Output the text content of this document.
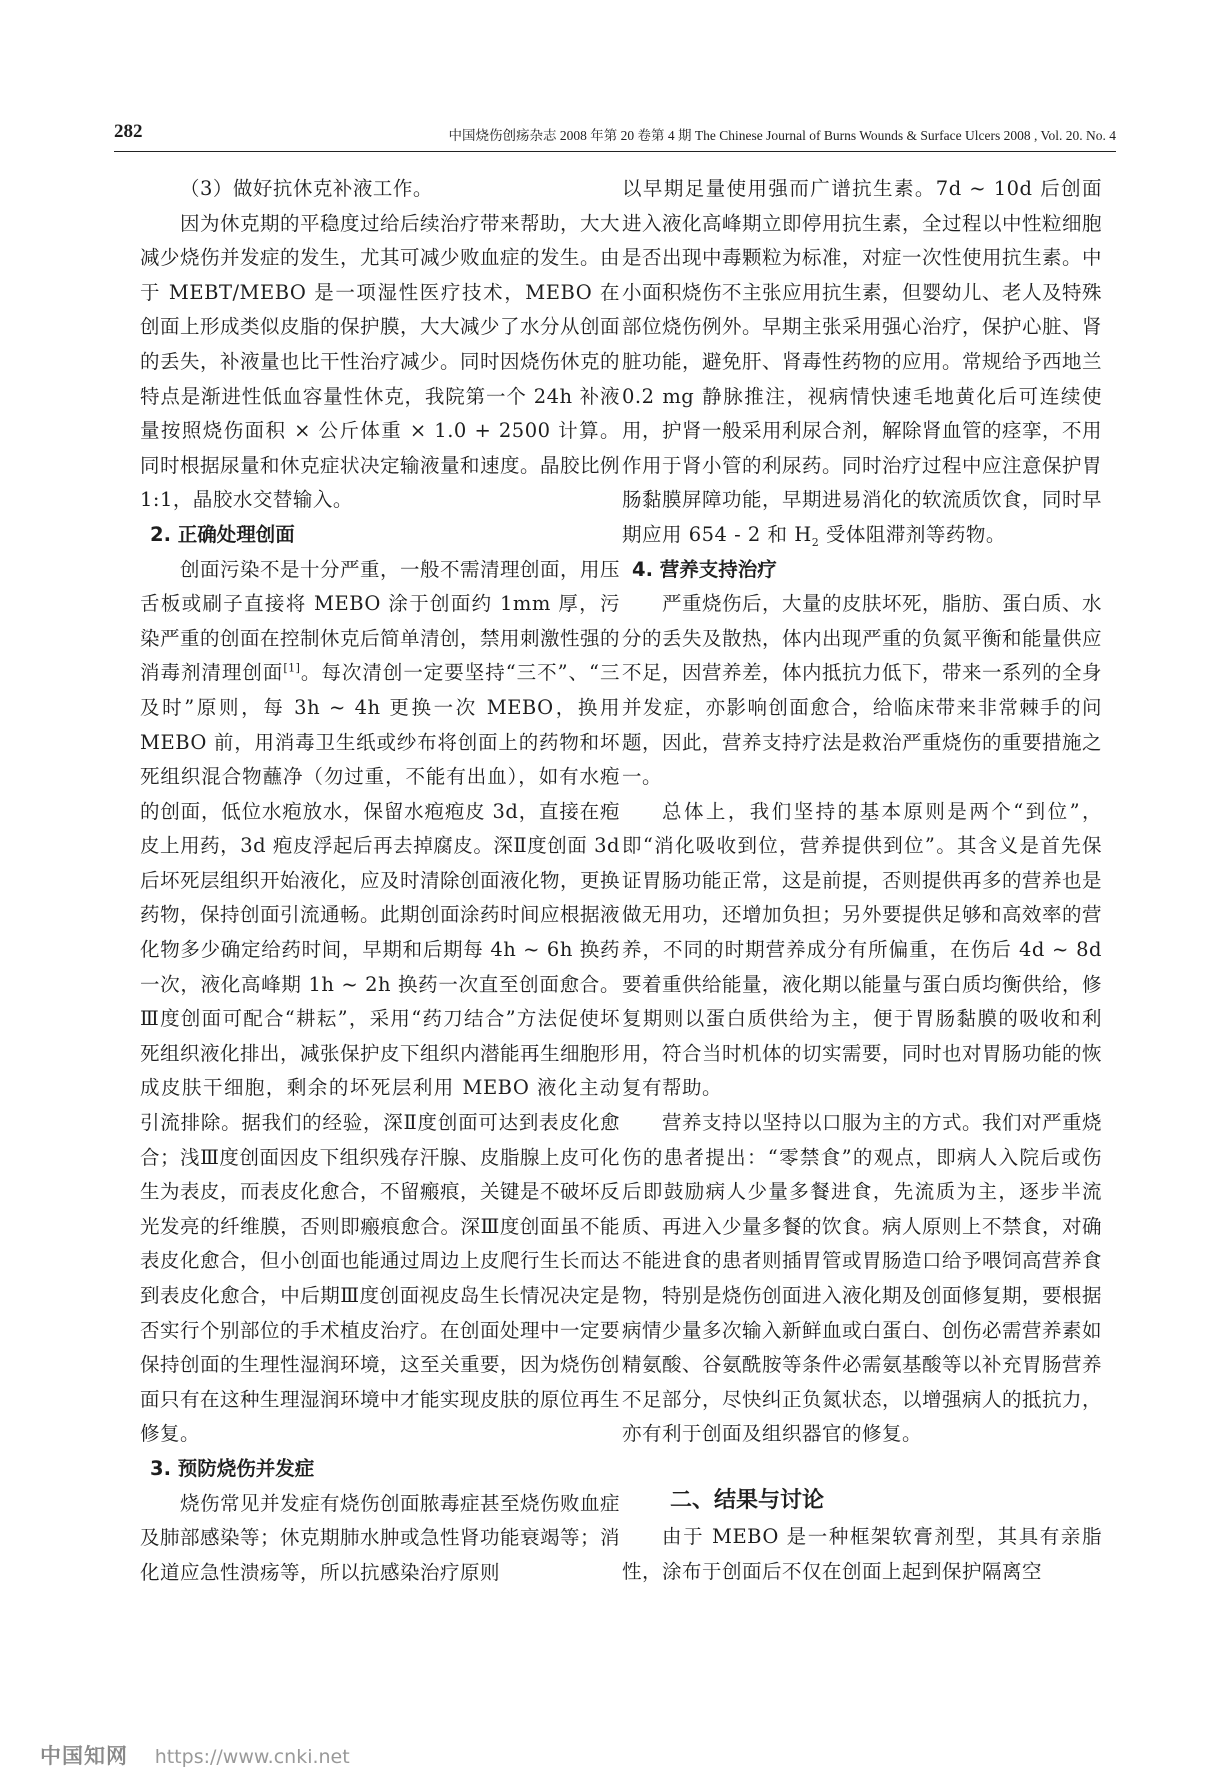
282	中国烧伤创疡杂志 2008 年第 20 卷第 4 期 The Chinese Journal of Burns Wounds & Surface Ulcers 2008 , Vol. 20. No. 4

（3）做好抗休克补液工作。

因为休克期的平稳度过给后续治疗带来帮助，大大减少烧伤并发症的发生，尤其可减少败血症的发生。由于 MEBT/MEBO 是一项湿性医疗技术，MEBO 在创面上形成类似皮脂的保护膜，大大减少了水分从创面的丢失，补液量也比干性治疗减少。同时因烧伤休克的特点是渐进性低血容量性休克，我院第一个 24h 补液量按照烧伤面积 × 公斤体重 × 1.0 + 2500 计算。同时根据尿量和休克症状决定输液量和速度。晶胶比例 1:1，晶胶水交替输入。

2. 正确处理创面

创面污染不是十分严重，一般不需清理创面，用压舌板或刷子直接将 MEBO 涂于创面约 1mm 厚，污染严重的创面在控制休克后简单清创，禁用刺激性强的消毒剂清理创面[1]。每次清创一定要坚持“三不”、“三及时”原则，每 3h ~ 4h 更换一次 MEBO，换用 MEBO 前，用消毒卫生纸或纱布将创面上的药物和坏死组织混合物蘸净（勿过重，不能有出血），如有水疱的创面，低位水疱放水，保留水疱疱皮 3d，直接在疱皮上用药，3d 疱皮浮起后再去掉腐皮。深Ⅱ度创面 3d 后坏死层组织开始液化，应及时清除创面液化物，更换药物，保持创面引流通畅。此期创面涂药时间应根据液化物多少确定给药时间，早期和后期每 4h ~ 6h 换药一次，液化高峰期 1h ~ 2h 换药一次直至创面愈合。Ⅲ度创面可配合“耕耘”，采用“药刀结合”方法促使坏死组织液化排出，减张保护皮下组织内潜能再生细胞形成皮肤干细胞，剩余的坏死层利用 MEBO 液化主动引流排除。据我们的经验，深Ⅱ度创面可达到表皮化愈合；浅Ⅲ度创面因皮下组织残存汗腺、皮脂腺上皮可化生为表皮，而表皮化愈合，不留瘢痕，关键是不破坏反光发亮的纤维膜，否则即瘢痕愈合。深Ⅲ度创面虽不能表皮化愈合，但小创面也能通过周边上皮爬行生长而达到表皮化愈合，中后期Ⅲ度创面视皮岛生长情况决定是否实行个别部位的手术植皮治疗。在创面处理中一定要保持创面的生理性湿润环境，这至关重要，因为烧伤创面只有在这种生理湿润环境中才能实现皮肤的原位再生修复。

3. 预防烧伤并发症

烧伤常见并发症有烧伤创面脓毒症甚至烧伤败血症及肺部感染等；休克期肺水肿或急性肾功能衰竭等；消化道应急性溃疡等，所以抗感染治疗原则

以早期足量使用强而广谱抗生素。7d ~ 10d 后创面进入液化高峰期立即停用抗生素，全过程以中性粒细胞是否出现中毒颗粒为标准，对症一次性使用抗生素。中小面积烧伤不主张应用抗生素，但婴幼儿、老人及特殊部位烧伤例外。早期主张采用强心治疗，保护心脏、肾脏功能，避免肝、肾毒性药物的应用。常规给予西地兰 0.2 mg 静脉推注，视病情快速毛地黄化后可连续使用，护肾一般采用利尿合剂，解除肾血管的痉挛，不用作用于肾小管的利尿药。同时治疗过程中应注意保护胃肠黏膜屏障功能，早期进易消化的软流质饮食，同时早期应用 654 - 2 和 $H_2$ 受体阻滞剂等药物。

4. 营养支持治疗

严重烧伤后，大量的皮肤坏死，脂肪、蛋白质、水分的丢失及散热，体内出现严重的负氮平衡和能量供应不足，因营养差，体内抵抗力低下，带来一系列的全身并发症，亦影响创面愈合，给临床带来非常棘手的问题，因此，营养支持疗法是救治严重烧伤的重要措施之一。

总体上，我们坚持的基本原则是两个“到位”，即“消化吸收到位，营养提供到位”。其含义是首先保证胃肠功能正常，这是前提，否则提供再多的营养也是做无用功，还增加负担；另外要提供足够和高效率的营养，不同的时期营养成分有所偏重，在伤后 4d ~ 8d 要着重供给能量，液化期以能量与蛋白质均衡供给，修复期则以蛋白质供给为主，便于胃肠黏膜的吸收和利用，符合当时机体的切实需要，同时也对胃肠功能的恢复有帮助。

营养支持以坚持以口服为主的方式。我们对严重烧伤的患者提出：“零禁食”的观点，即病人入院后或伤后即鼓励病人少量多餐进食，先流质为主，逐步半流质、再进入少量多餐的饮食。病人原则上不禁食，对确不能进食的患者则插胃管或胃肠造口给予喂饲高营养食物，特别是烧伤创面进入液化期及创面修复期，要根据病情少量多次输入新鲜血或白蛋白、创伤必需营养素如精氨酸、谷氨酰胺等条件必需氨基酸等以补充胃肠营养不足部分，尽快纠正负氮状态，以增强病人的抵抗力，亦有利于创面及组织器官的修复。

二、结果与讨论

由于 MEBO 是一种框架软膏剂型，其具有亲脂性，涂布于创面后不仅在创面上起到保护隔离空

中国知网 https://www.cnki.net
